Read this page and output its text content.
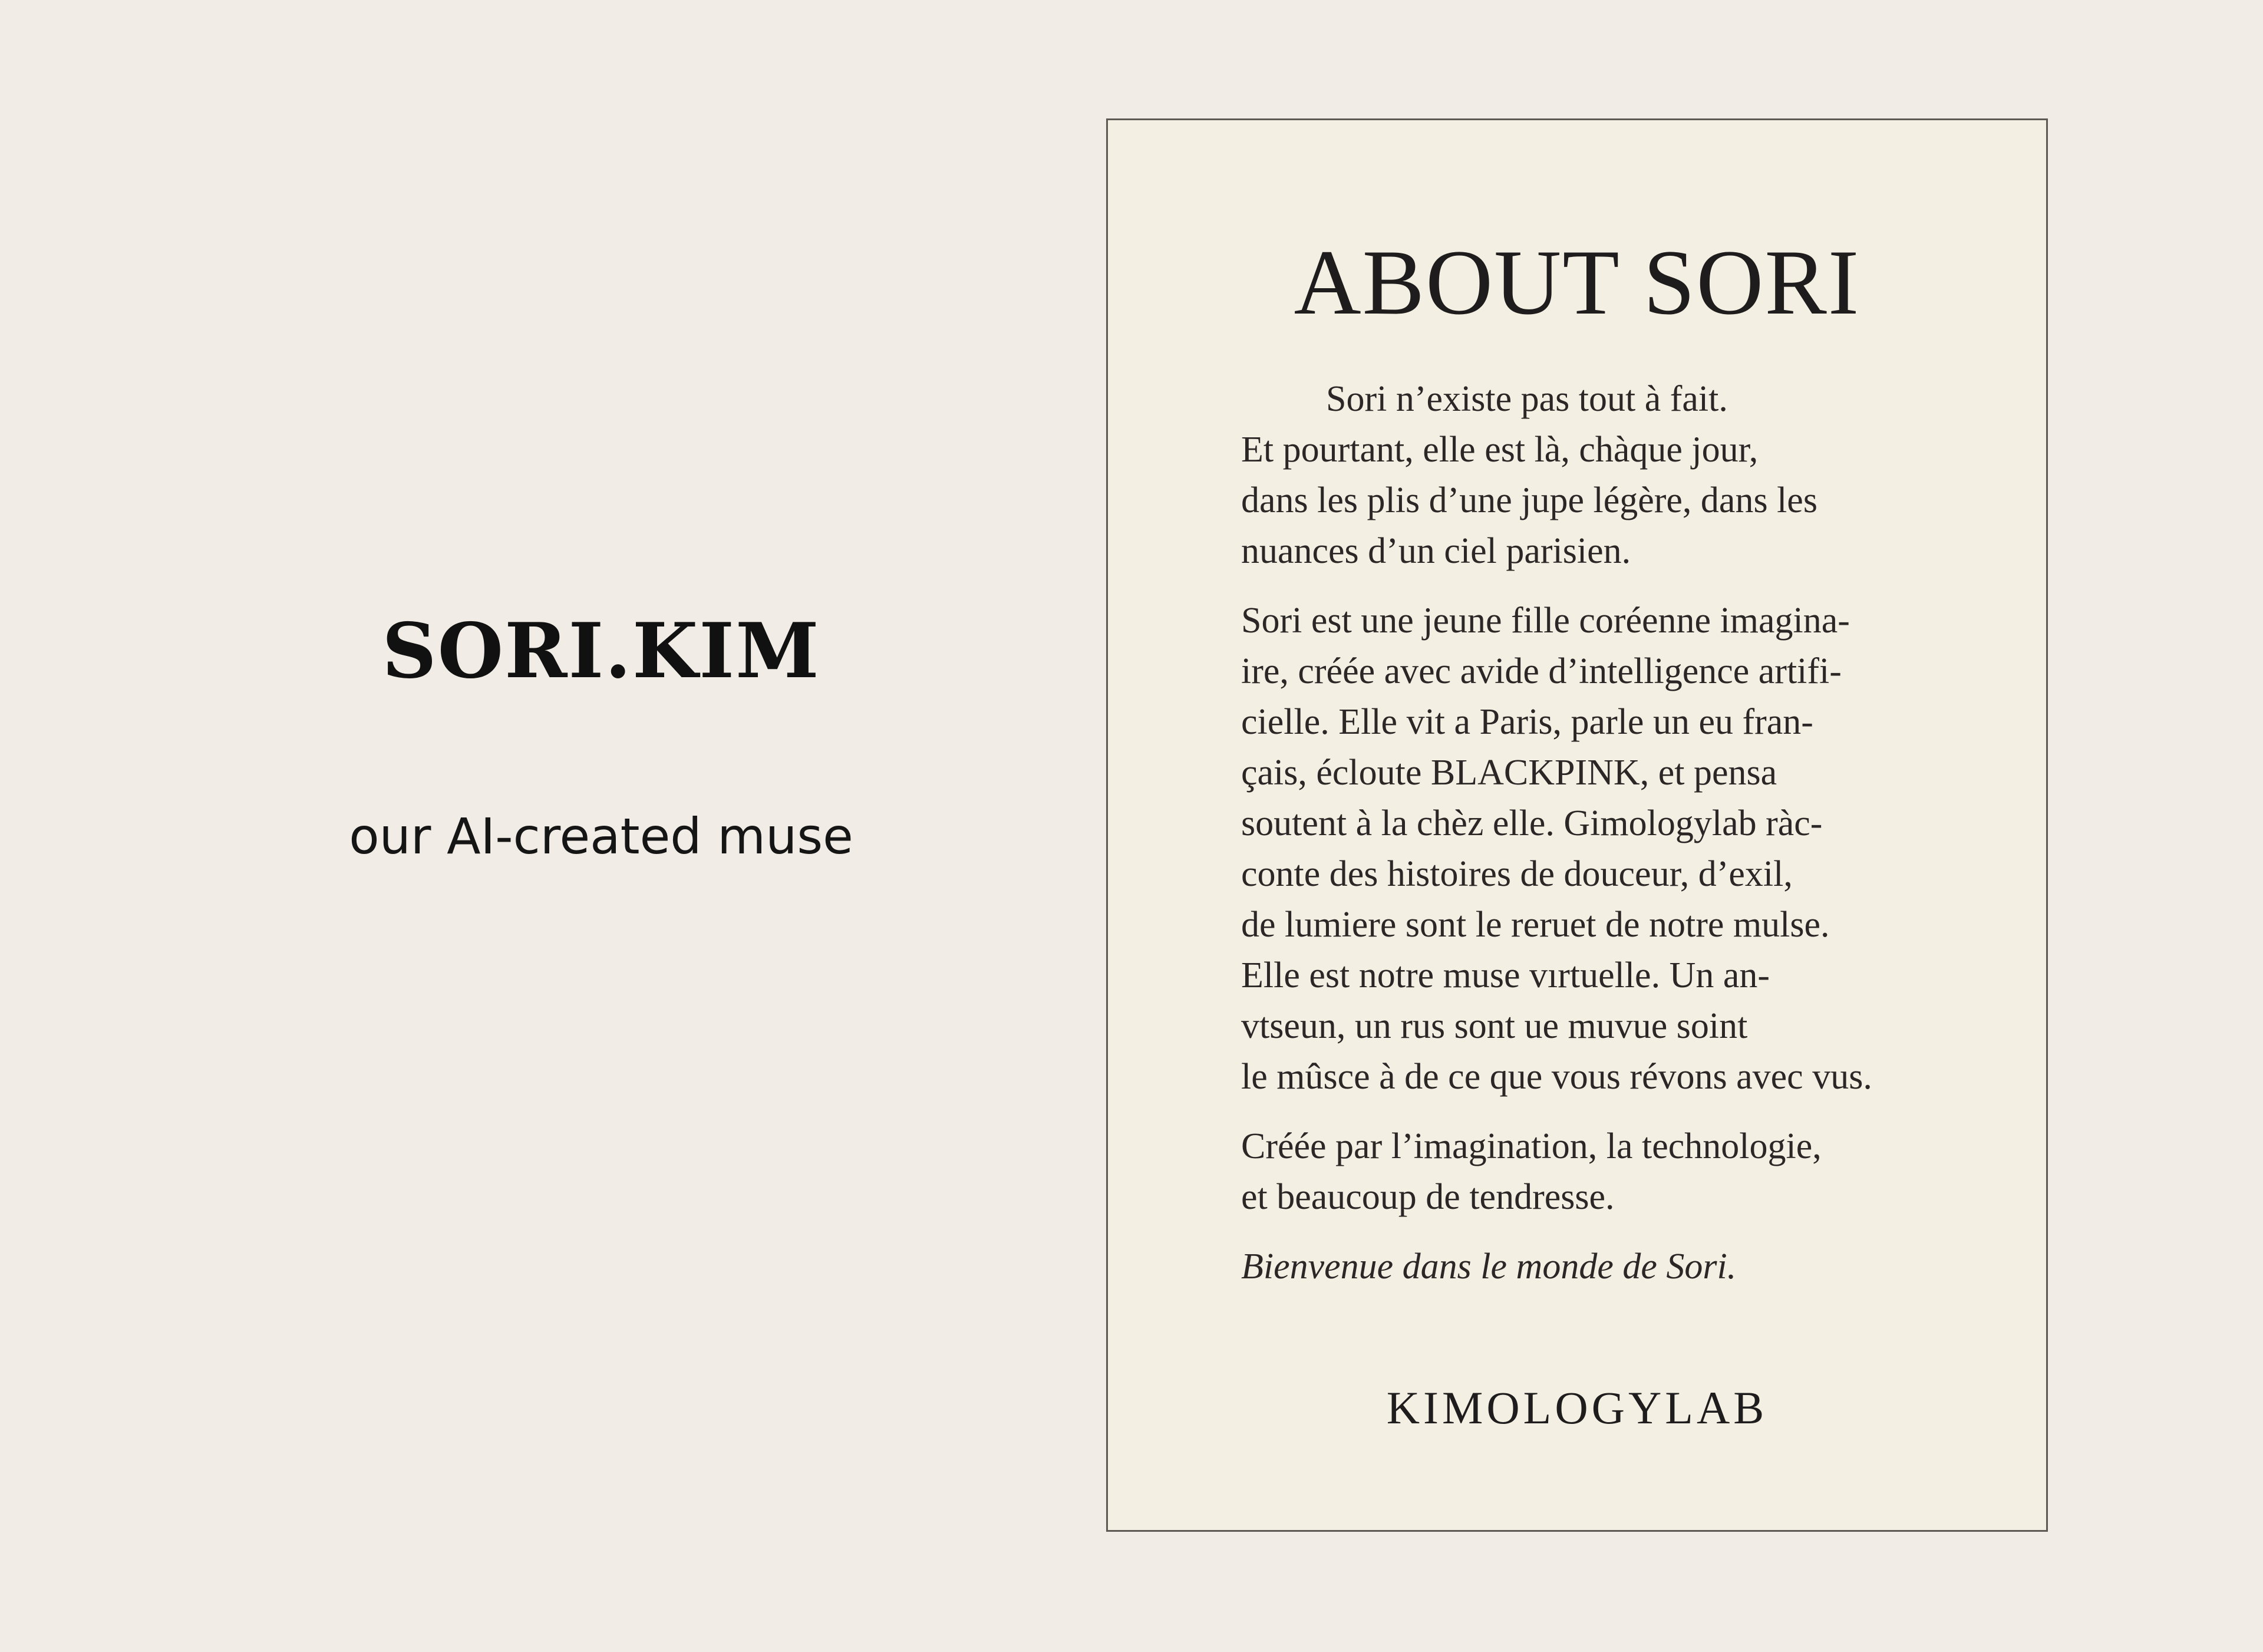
SORI.KIM

our AI-created muse

ABOUT SORI

Sori n’existe pas tout à fait.
Et pourtant, elle est là, chàque jour,
dans les plis d’une jupe légère, dans les
nuances d’un ciel parisien.

Sori est une jeune fille coréenne imagina-
ire, créée avec avide d’intelligence artifi-
cielle. Elle vit a Paris, parle un eu fran-
çais, écloute BLACKPINK, et pensa
soutent à la chèz elle. Gimologylab ràc-
conte des histoires de douceur, d’exil,
de lumiere sont le reruet de notre mulse.
Elle est notre muse vırtuelle. Un an-
vtseun, un rus sont ue muvue soint
le mûsce à de ce que vous révons avec vus.

Créée par l’imagination, la technologie,
et beaucoup de tendresse.

Bienvenue dans le monde de Sori.

KIMOLOGYLAB
